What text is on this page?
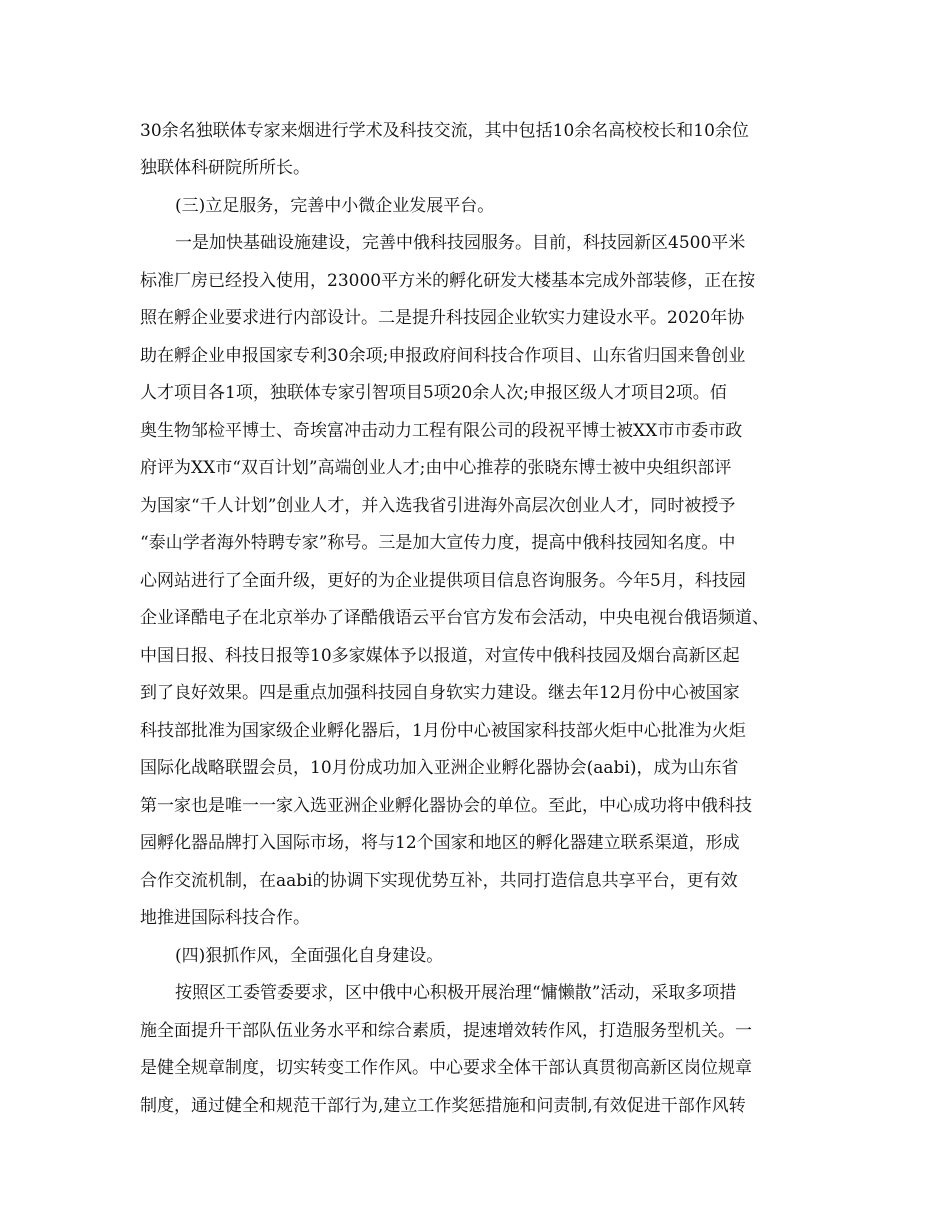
30余名独联体专家来烟进行学术及科技交流，其中包括10余名高校校长和10余位
独联体科研院所所长。
(三)立足服务，完善中小微企业发展平台。
一是加快基础设施建设，完善中俄科技园服务。目前，科技园新区4500平米
标准厂房已经投入使用，23000平方米的孵化研发大楼基本完成外部装修，正在按
照在孵企业要求进行内部设计。二是提升科技园企业软实力建设水平。2020年协
助在孵企业申报国家专利30余项;申报政府间科技合作项目、山东省归国来鲁创业
人才项目各1项，独联体专家引智项目5项20余人次;申报区级人才项目2项。佰
奥生物邹检平博士、奇埃富冲击动力工程有限公司的段祝平博士被XX市市委市政
府评为XX市“双百计划”高端创业人才;由中心推荐的张晓东博士被中央组织部评
为国家“千人计划”创业人才，并入选我省引进海外高层次创业人才，同时被授予
“泰山学者海外特聘专家”称号。三是加大宣传力度，提高中俄科技园知名度。中
心网站进行了全面升级，更好的为企业提供项目信息咨询服务。今年5月，科技园
企业译酷电子在北京举办了译酷俄语云平台官方发布会活动，中央电视台俄语频道、
中国日报、科技日报等10多家媒体予以报道，对宣传中俄科技园及烟台高新区起
到了良好效果。四是重点加强科技园自身软实力建设。继去年12月份中心被国家
科技部批准为国家级企业孵化器后，1月份中心被国家科技部火炬中心批准为火炬
国际化战略联盟会员，10月份成功加入亚洲企业孵化器协会(aabi)，成为山东省
第一家也是唯一一家入选亚洲企业孵化器协会的单位。至此，中心成功将中俄科技
园孵化器品牌打入国际市场，将与12个国家和地区的孵化器建立联系渠道，形成
合作交流机制，在aabi的协调下实现优势互补，共同打造信息共享平台，更有效
地推进国际科技合作。
(四)狠抓作风，全面强化自身建设。
按照区工委管委要求，区中俄中心积极开展治理“慵懒散”活动，采取多项措
施全面提升干部队伍业务水平和综合素质，提速增效转作风，打造服务型机关。一
是健全规章制度，切实转变工作作风。中心要求全体干部认真贯彻高新区岗位规章
制度，通过健全和规范干部行为,建立工作奖惩措施和问责制,有效促进干部作风转
